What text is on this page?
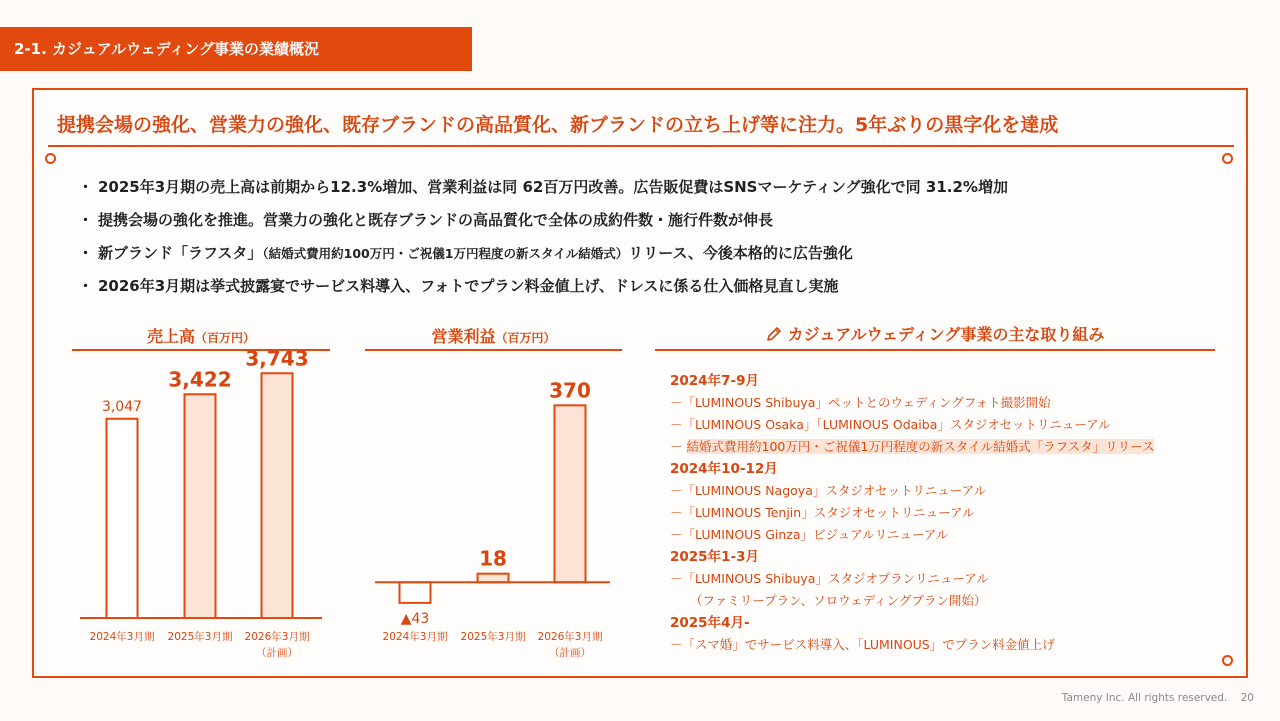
2-1. カジュアルウェディング事業の業績概況
提携会場の強化、営業力の強化、既存ブランドの高品質化、新ブランドの立ち上げ等に注力。5年ぶりの黒字化を達成
・ 2025年3月期の売上高は前期から12.3%増加、営業利益は同 62百万円改善。広告販促費はSNSマーケティング強化で同 31.2%増加
・ 提携会場の強化を推進。営業力の強化と既存ブランドの高品質化で全体の成約件数・施行件数が伸長
・ 新ブランド「ラフスタ」（結婚式費用約100万円・ご祝儀1万円程度の新スタイル結婚式）リリース、今後本格的に広告強化
・ 2026年3月期は挙式披露宴でサービス料導入、フォトでプラン料金値上げ、ドレスに係る仕入価格見直し実施
売上高（百万円）
3,047
2024年3月期
3,422
2025年3月期
3,743
2026年3月期
（計画）
営業利益（百万円）
▲43
2024年3月期
18
2025年3月期
370
2026年3月期
（計画）
カジュアルウェディング事業の主な取り組み
2024年7-9月
－「LUMINOUS Shibuya」ペットとのウェディングフォト撮影開始
－「LUMINOUS Osaka」「LUMINOUS Odaiba」スタジオセットリニューアル
－ 結婚式費用約100万円・ご祝儀1万円程度の新スタイル結婚式「ラフスタ」リリース
2024年10-12月
－「LUMINOUS Nagoya」スタジオセットリニューアル
－「LUMINOUS Tenjin」スタジオセットリニューアル
－「LUMINOUS Ginza」ビジュアルリニューアル
2025年1-3月
－「LUMINOUS Shibuya」スタジオプランリニューアル
（ファミリープラン、ソロウェディングプラン開始）
2025年4月-
－「スマ婚」でサービス料導入、「LUMINOUS」でプラン料金値上げ
Tameny Inc. All rights reserved. 20
